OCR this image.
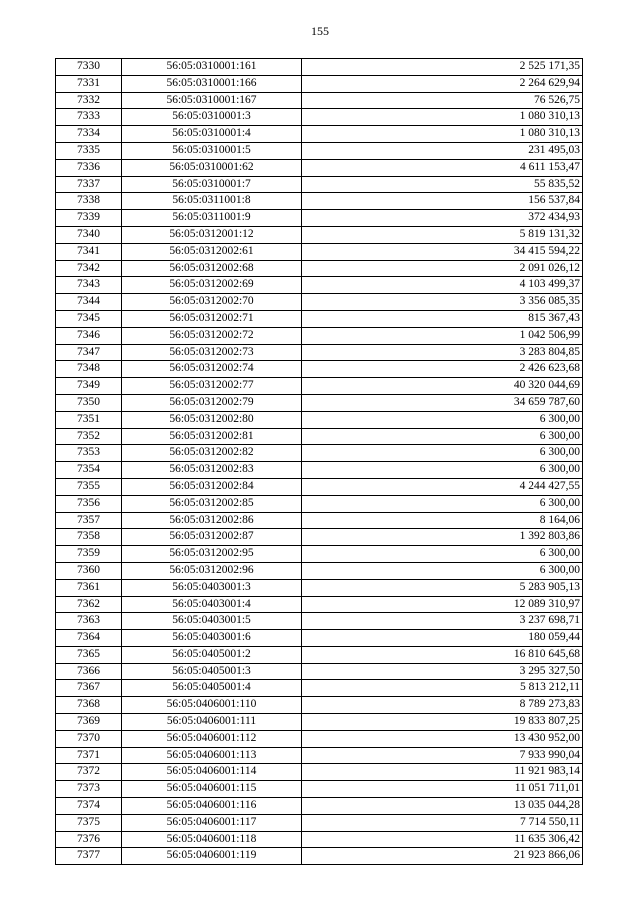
155
7330	56:05:0310001:161	2 525 171,35
7331	56:05:0310001:166	2 264 629,94
7332	56:05:0310001:167	76 526,75
7333	56:05:0310001:3	1 080 310,13
7334	56:05:0310001:4	1 080 310,13
7335	56:05:0310001:5	231 495,03
7336	56:05:0310001:62	4 611 153,47
7337	56:05:0310001:7	55 835,52
7338	56:05:0311001:8	156 537,84
7339	56:05:0311001:9	372 434,93
7340	56:05:0312001:12	5 819 131,32
7341	56:05:0312002:61	34 415 594,22
7342	56:05:0312002:68	2 091 026,12
7343	56:05:0312002:69	4 103 499,37
7344	56:05:0312002:70	3 356 085,35
7345	56:05:0312002:71	815 367,43
7346	56:05:0312002:72	1 042 506,99
7347	56:05:0312002:73	3 283 804,85
7348	56:05:0312002:74	2 426 623,68
7349	56:05:0312002:77	40 320 044,69
7350	56:05:0312002:79	34 659 787,60
7351	56:05:0312002:80	6 300,00
7352	56:05:0312002:81	6 300,00
7353	56:05:0312002:82	6 300,00
7354	56:05:0312002:83	6 300,00
7355	56:05:0312002:84	4 244 427,55
7356	56:05:0312002:85	6 300,00
7357	56:05:0312002:86	8 164,06
7358	56:05:0312002:87	1 392 803,86
7359	56:05:0312002:95	6 300,00
7360	56:05:0312002:96	6 300,00
7361	56:05:0403001:3	5 283 905,13
7362	56:05:0403001:4	12 089 310,97
7363	56:05:0403001:5	3 237 698,71
7364	56:05:0403001:6	180 059,44
7365	56:05:0405001:2	16 810 645,68
7366	56:05:0405001:3	3 295 327,50
7367	56:05:0405001:4	5 813 212,11
7368	56:05:0406001:110	8 789 273,83
7369	56:05:0406001:111	19 833 807,25
7370	56:05:0406001:112	13 430 952,00
7371	56:05:0406001:113	7 933 990,04
7372	56:05:0406001:114	11 921 983,14
7373	56:05:0406001:115	11 051 711,01
7374	56:05:0406001:116	13 035 044,28
7375	56:05:0406001:117	7 714 550,11
7376	56:05:0406001:118	11 635 306,42
7377	56:05:0406001:119	21 923 866,06
